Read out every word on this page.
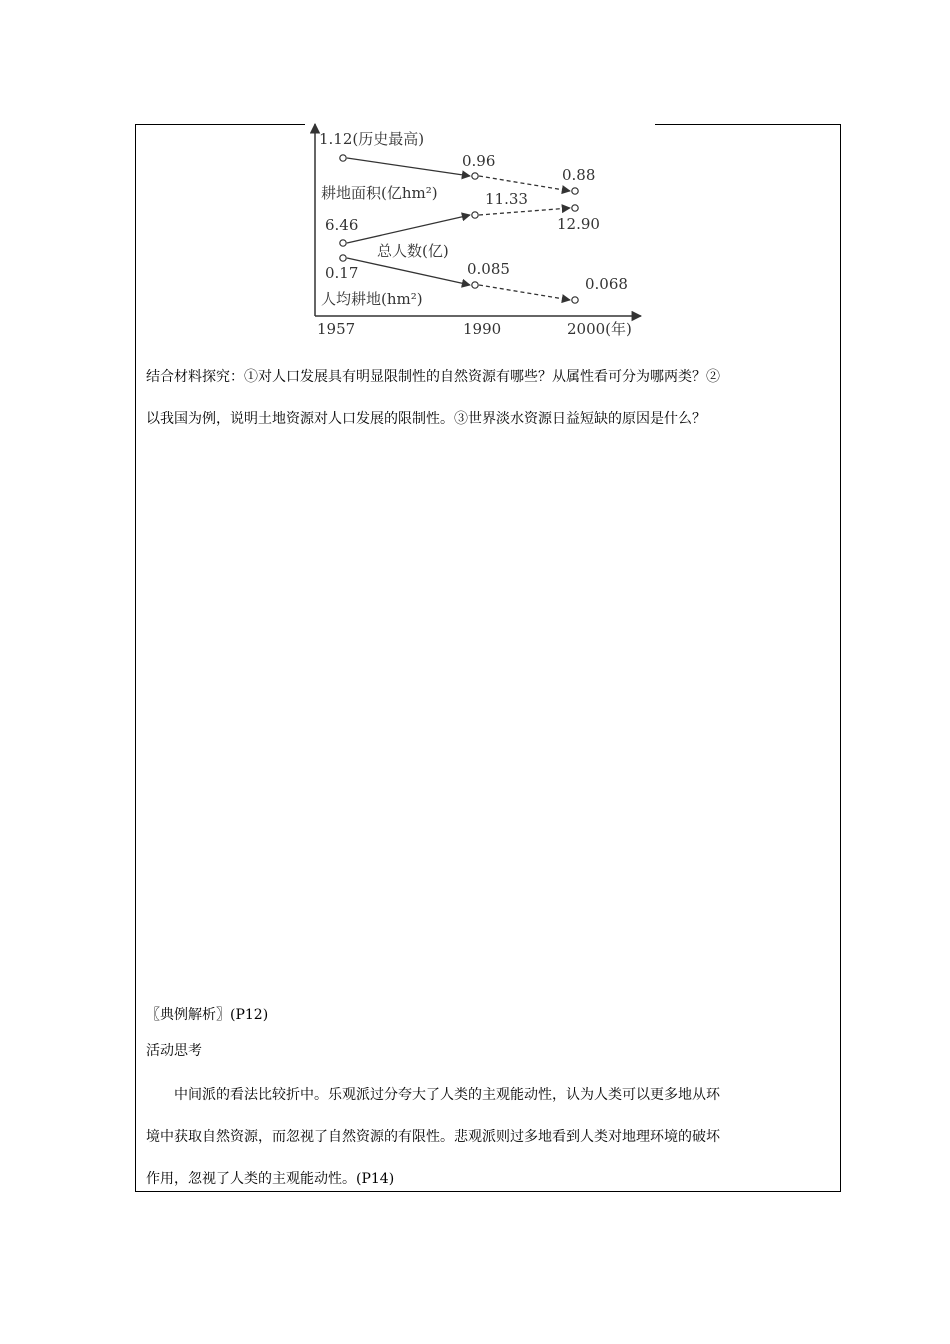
1.12(历史最高)
0.96
0.88
耕地面积(亿hm²)
6.46
11.33
12.90
总人数(亿)
0.17	0.085
0.068
人均耕地(hm²)
1957	1990	2000(年)
结合材料探究：①对人口发展具有明显限制性的自然资源有哪些？从属性看可分为哪两类？②
以我国为例，说明土地资源对人口发展的限制性。③世界淡水资源日益短缺的原因是什么？
〖典例解析〗(P12)
活动思考
中间派的看法比较折中。乐观派过分夸大了人类的主观能动性，认为人类可以更多地从环
境中获取自然资源，而忽视了自然资源的有限性。悲观派则过多地看到人类对地理环境的破坏
作用，忽视了人类的主观能动性。(P14)
